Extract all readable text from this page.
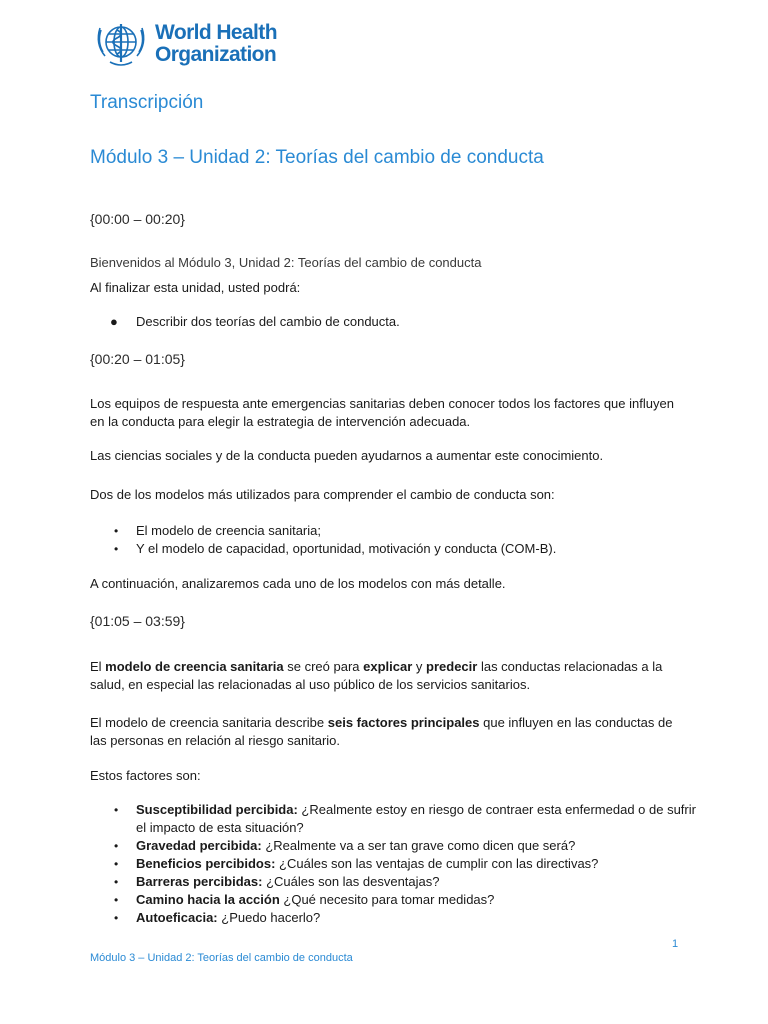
World Health
Organization
Transcripción
Módulo 3 – Unidad 2: Teorías del cambio de conducta

{00:00 – 00:20}

Bienvenidos al Módulo 3, Unidad 2: Teorías del cambio de conducta

Al finalizar esta unidad, usted podrá:

● Describir dos teorías del cambio de conducta.

{00:20 – 01:05}

Los equipos de respuesta ante emergencias sanitarias deben conocer todos los factores que influyen en la conducta para elegir la estrategia de intervención adecuada.

Las ciencias sociales y de la conducta pueden ayudarnos a aumentar este conocimiento.

Dos de los modelos más utilizados para comprender el cambio de conducta son:

• El modelo de creencia sanitaria;
• Y el modelo de capacidad, oportunidad, motivación y conducta (COM-B).

A continuación, analizaremos cada uno de los modelos con más detalle.

{01:05 – 03:59}

El modelo de creencia sanitaria se creó para explicar y predecir las conductas relacionadas a la salud, en especial las relacionadas al uso público de los servicios sanitarios.

El modelo de creencia sanitaria describe seis factores principales que influyen en las conductas de las personas en relación al riesgo sanitario.

Estos factores son:

• Susceptibilidad percibida: ¿Realmente estoy en riesgo de contraer esta enfermedad o de sufrir el impacto de esta situación?
• Gravedad percibida: ¿Realmente va a ser tan grave como dicen que será?
• Beneficios percibidos: ¿Cuáles son las ventajas de cumplir con las directivas?
• Barreras percibidas: ¿Cuáles son las desventajas?
• Camino hacia la acción ¿Qué necesito para tomar medidas?
• Autoeficacia: ¿Puedo hacerlo?
1
Módulo 3 – Unidad 2: Teorías del cambio de conducta
